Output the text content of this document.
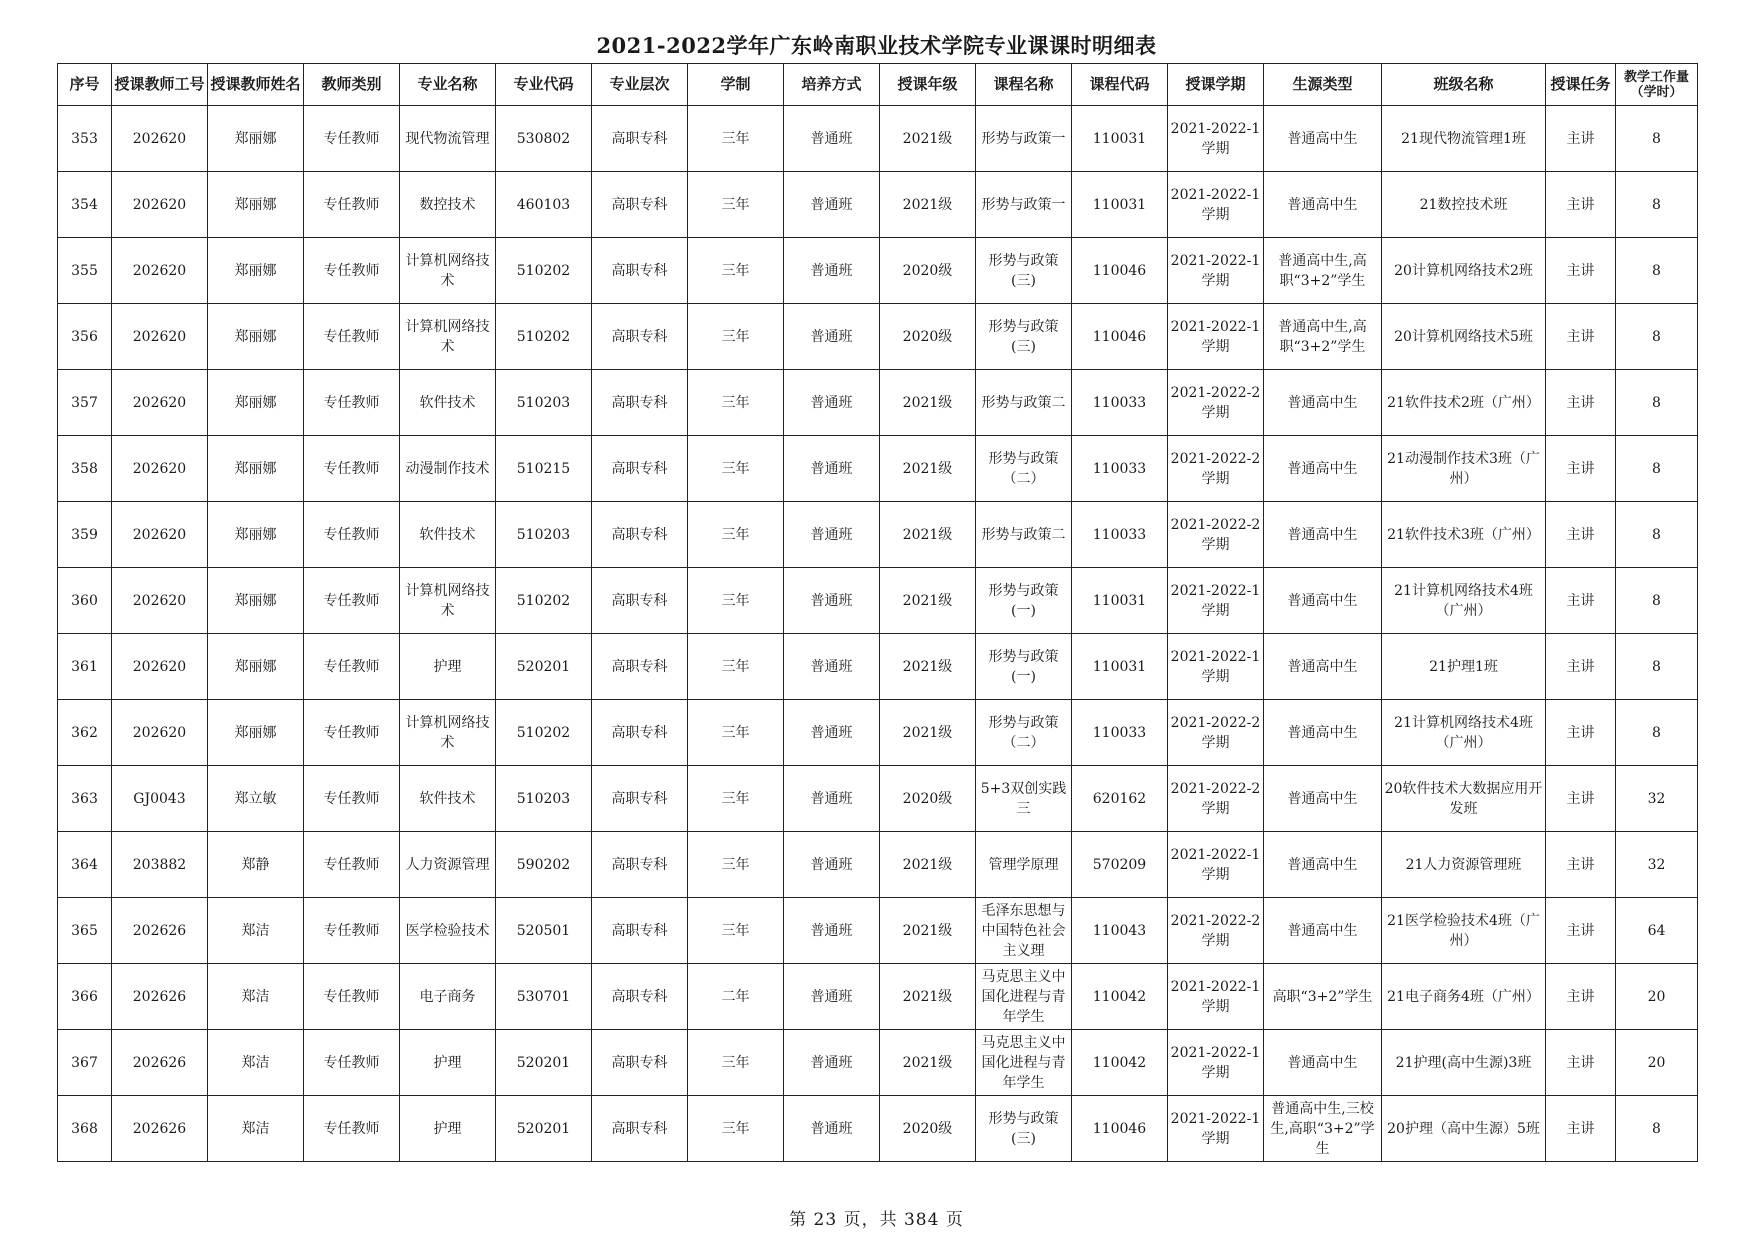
2021-2022学年广东岭南职业技术学院专业课课时明细表
序号	授课教师工号	授课教师姓名	教师类别	专业名称	专业代码	专业层次	学制	培养方式	授课年级	课程名称	课程代码	授课学期	生源类型	班级名称	授课任务	教学工作量（学时）

353	202620	郑丽娜	专任教师	现代物流管理	530802	高职专科	三年	普通班	2021级	形势与政策一	110031	2021-2022-1学期	普通高中生	21现代物流管理1班	主讲	8

354	202620	郑丽娜	专任教师	数控技术	460103	高职专科	三年	普通班	2021级	形势与政策一	110031	2021-2022-1学期	普通高中生	21数控技术班	主讲	8

355	202620	郑丽娜	专任教师	计算机网络技术	510202	高职专科	三年	普通班	2020级	形势与政策(三)	110046	2021-2022-1学期	普通高中生,高职“3+2”学生	20计算机网络技术2班	主讲	8

356	202620	郑丽娜	专任教师	计算机网络技术	510202	高职专科	三年	普通班	2020级	形势与政策(三)	110046	2021-2022-1学期	普通高中生,高职“3+2”学生	20计算机网络技术5班	主讲	8

357	202620	郑丽娜	专任教师	软件技术	510203	高职专科	三年	普通班	2021级	形势与政策二	110033	2021-2022-2学期	普通高中生	21软件技术2班（广州）	主讲	8

358	202620	郑丽娜	专任教师	动漫制作技术	510215	高职专科	三年	普通班	2021级	形势与政策（二）	110033	2021-2022-2学期	普通高中生	21动漫制作技术3班（广州）	主讲	8

359	202620	郑丽娜	专任教师	软件技术	510203	高职专科	三年	普通班	2021级	形势与政策二	110033	2021-2022-2学期	普通高中生	21软件技术3班（广州）	主讲	8

360	202620	郑丽娜	专任教师	计算机网络技术	510202	高职专科	三年	普通班	2021级	形势与政策(一)	110031	2021-2022-1学期	普通高中生	21计算机网络技术4班（广州）	主讲	8

361	202620	郑丽娜	专任教师	护理	520201	高职专科	三年	普通班	2021级	形势与政策(一)	110031	2021-2022-1学期	普通高中生	21护理1班	主讲	8

362	202620	郑丽娜	专任教师	计算机网络技术	510202	高职专科	三年	普通班	2021级	形势与政策（二）	110033	2021-2022-2学期	普通高中生	21计算机网络技术4班（广州）	主讲	8

363	GJ0043	郑立敏	专任教师	软件技术	510203	高职专科	三年	普通班	2020级	5+3双创实践三	620162	2021-2022-2学期	普通高中生	20软件技术大数据应用开发班	主讲	32

364	203882	郑静	专任教师	人力资源管理	590202	高职专科	三年	普通班	2021级	管理学原理	570209	2021-2022-1学期	普通高中生	21人力资源管理班	主讲	32

365	202626	郑洁	专任教师	医学检验技术	520501	高职专科	三年	普通班	2021级	毛泽东思想与中国特色社会主义理	110043	2021-2022-2学期	普通高中生	21医学检验技术4班（广州）	主讲	64

366	202626	郑洁	专任教师	电子商务	530701	高职专科	二年	普通班	2021级	马克思主义中国化进程与青年学生	110042	2021-2022-1学期	高职“3+2”学生	21电子商务4班（广州）	主讲	20

367	202626	郑洁	专任教师	护理	520201	高职专科	三年	普通班	2021级	马克思主义中国化进程与青年学生	110042	2021-2022-1学期	普通高中生	21护理(高中生源)3班	主讲	20

368	202626	郑洁	专任教师	护理	520201	高职专科	三年	普通班	2020级	形势与政策(三)	110046	2021-2022-1学期	普通高中生,三校生,高职“3+2”学生	20护理（高中生源）5班	主讲	8
第 23 页，共 384 页
